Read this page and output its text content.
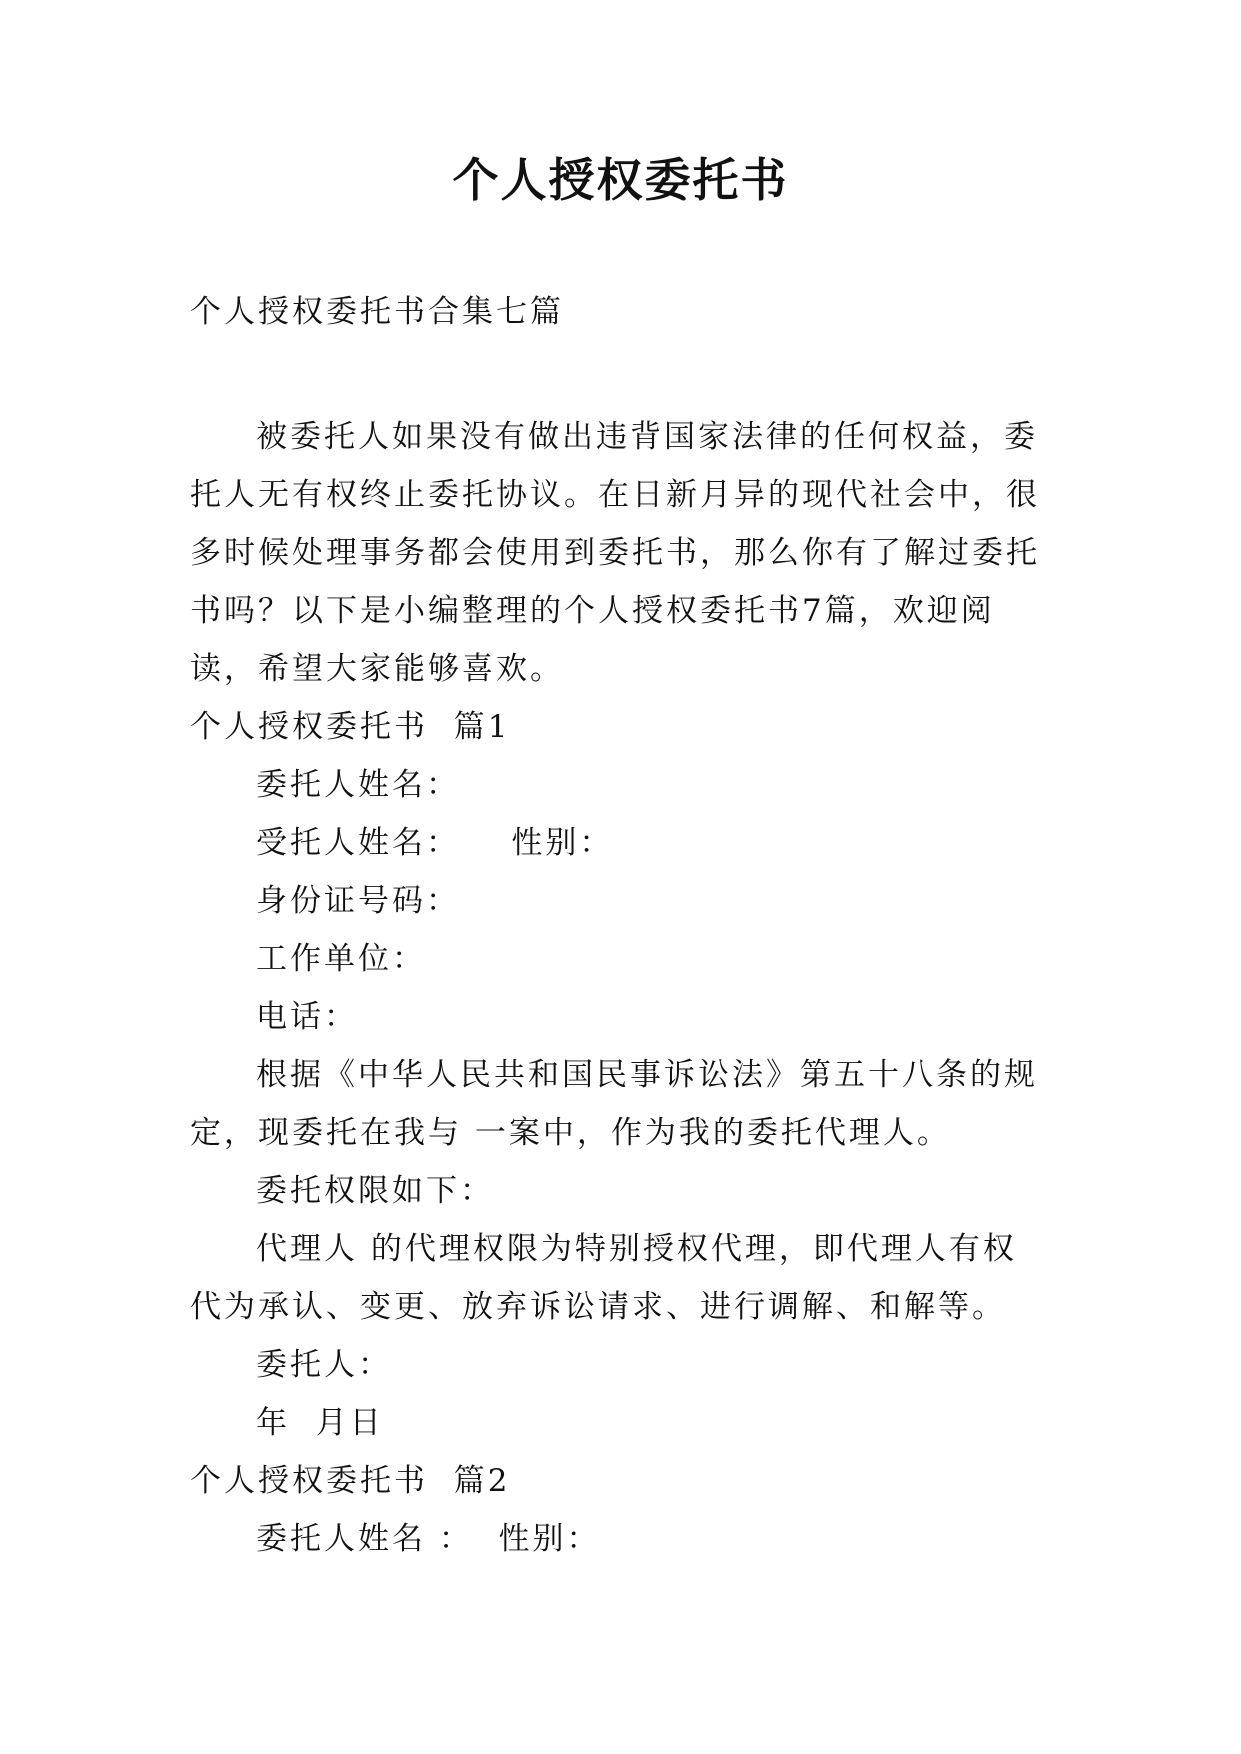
个人授权委托书
个人授权委托书合集七篇

被委托人如果没有做出违背国家法律的任何权益，委托人无有权终止委托协议。在日新月异的现代社会中，很多时候处理事务都会使用到委托书，那么你有了解过委托书吗？以下是小编整理的个人授权委托书7篇，欢迎阅读，希望大家能够喜欢。

个人授权委托书  篇1

委托人姓名：

受托人姓名：    性别：

身份证号码：

工作单位：

电话：

根据《中华人民共和国民事诉讼法》第五十八条的规定，现委托在我与 一案中，作为我的委托代理人。

委托权限如下：

代理人 的代理权限为特别授权代理，即代理人有权代为承认、变更、放弃诉讼请求、进行调解、和解等。

委托人：

年  月日

个人授权委托书  篇2

委托人姓名 ：  性别：
